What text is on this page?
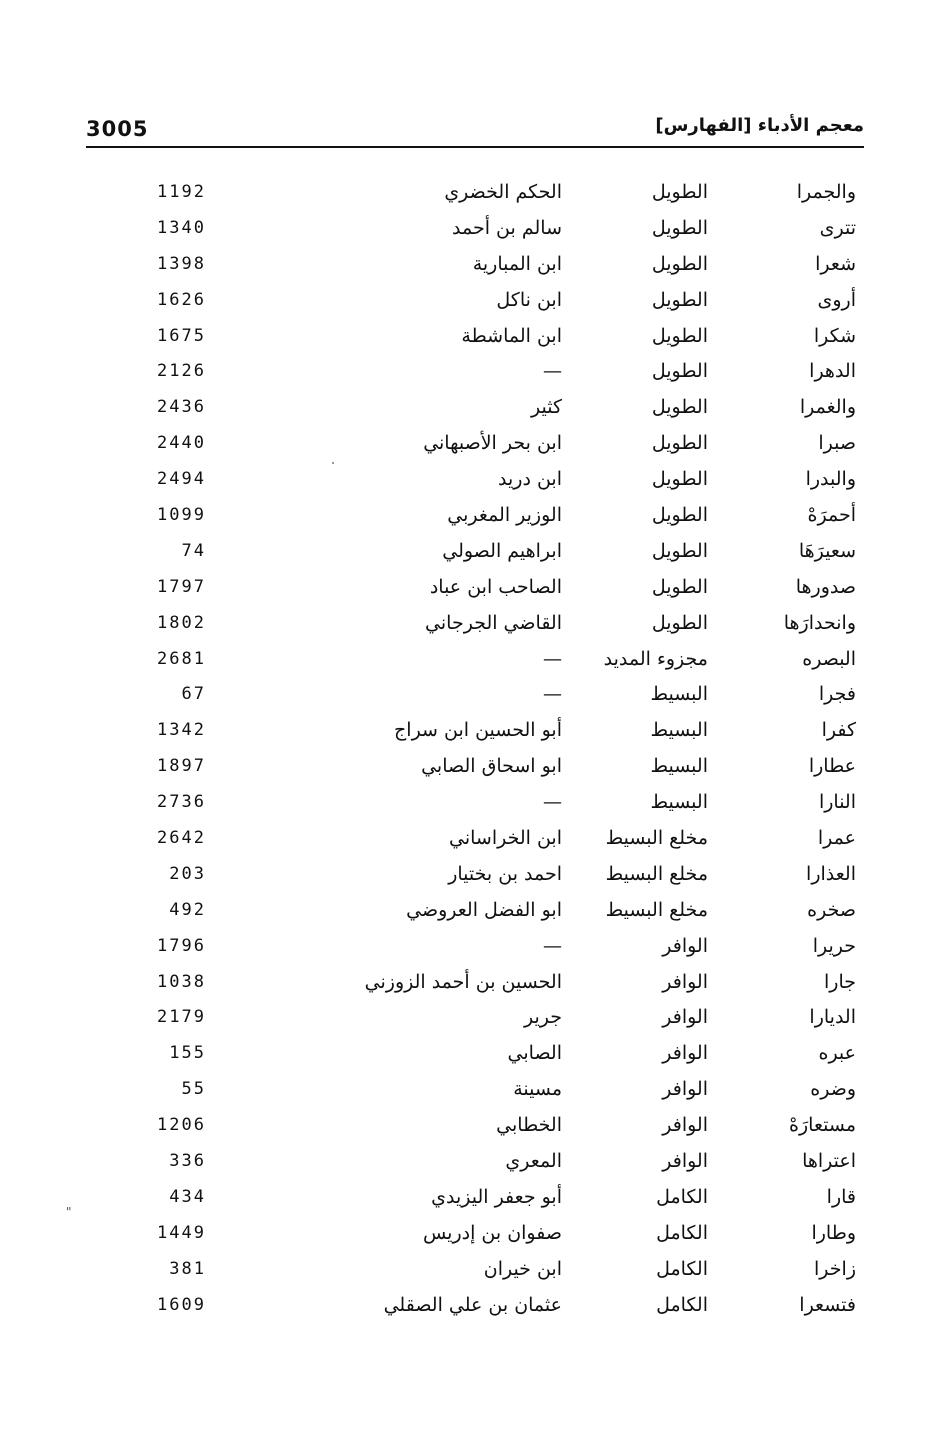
3005	معجم الأدباء [الفهارس]
والجمرا
الطويل
الحكم الخضري
1192
تترى
الطويل
سالم بن أحمد
1340
شعرا
الطويل
ابن المبارية
1398
أروى
الطويل
ابن ناكل
1626
شكرا
الطويل
ابن الماشطة
1675
الدهرا
الطويل
—
2126
والغمرا
الطويل
كثير
2436
صبرا
الطويل
ابن بحر الأصبهاني
2440
والبدرا
الطويل
ابن دريد
2494
أحمرَهْ
الطويل
الوزير المغربي
1099
سعيرَهَا
الطويل
ابراهيم الصولي
74
صدورها
الطويل
الصاحب ابن عباد
1797
وانحدارَها
الطويل
القاضي الجرجاني
1802
البصره
مجزوء المديد
—
2681
فجرا
البسيط
—
67
كفرا
البسيط
أبو الحسين ابن سراج
1342
عطارا
البسيط
ابو اسحاق الصابي
1897
النارا
البسيط
—
2736
عمرا
مخلع البسيط
ابن الخراساني
2642
العذارا
مخلع البسيط
احمد بن بختيار
203
صخره
مخلع البسيط
ابو الفضل العروضي
492
حريرا
الوافر
—
1796
جارا
الوافر
الحسين بن أحمد الزوزني
1038
الديارا
الوافر
جرير
2179
عبره
الوافر
الصابي
155
وضره
الوافر
مسينة
55
مستعارَهْ
الوافر
الخطابي
1206
اعتراها
الوافر
المعري
336
قارا
الكامل
أبو جعفر اليزيدي
434
وطارا
الكامل
صفوان بن إدريس
1449
زاخرا
الكامل
ابن خيران
381
فتسعرا
الكامل
عثمان بن علي الصقلي
1609
"
